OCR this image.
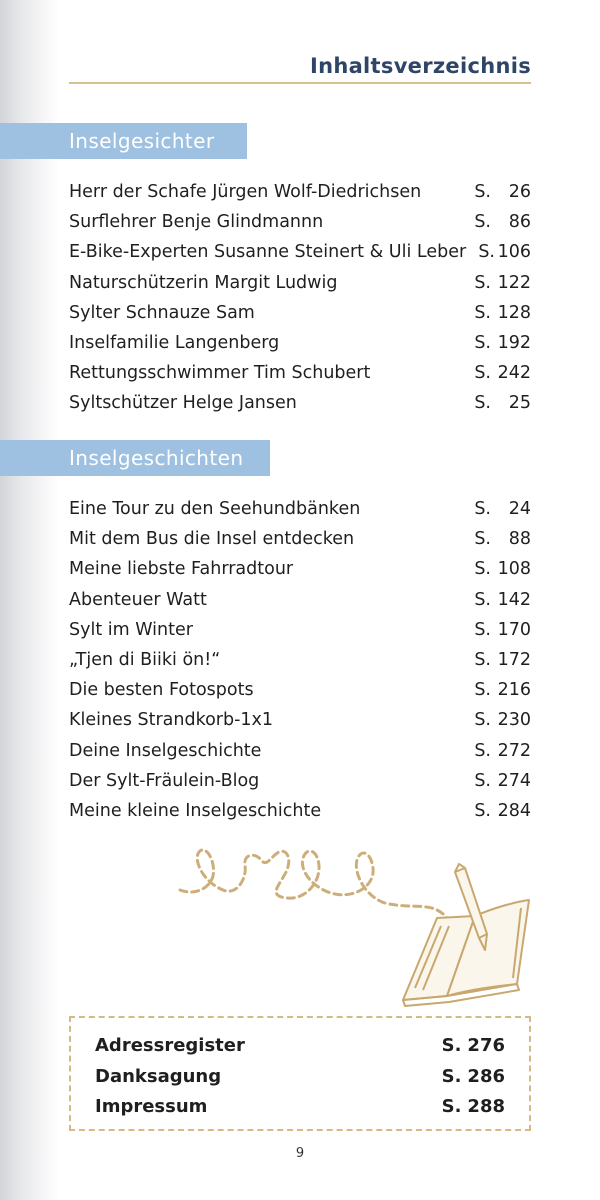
Inhaltsverzeichnis
Inselgesichter
Herr der Schafe Jürgen Wolf-Diedrichsen	S. 26
Surflehrer Benje Glindmannn	S. 86
E-Bike-Experten Susanne Steinert & Uli Leber S. 106
Naturschützerin Margit Ludwig	S. 122
Sylter Schnauze Sam	S. 128
Inselfamilie Langenberg	S. 192
Rettungsschwimmer Tim Schubert	S. 242
Syltschützer Helge Jansen	S. 25
Inselgeschichten
Eine Tour zu den Seehundbänken	S. 24
Mit dem Bus die Insel entdecken	S. 88
Meine liebste Fahrradtour	S. 108
Abenteuer Watt	S. 142
Sylt im Winter	S. 170
„Tjen di Biiki ön!“	S. 172
Die besten Fotospots	S. 216
Kleines Strandkorb-1x1	S. 230
Deine Inselgeschichte	S. 272
Der Sylt-Fräulein-Blog	S. 274
Meine kleine Inselgeschichte	S. 284
Adressregister	S. 276
Danksagung	S. 286
Impressum	S. 288
9
